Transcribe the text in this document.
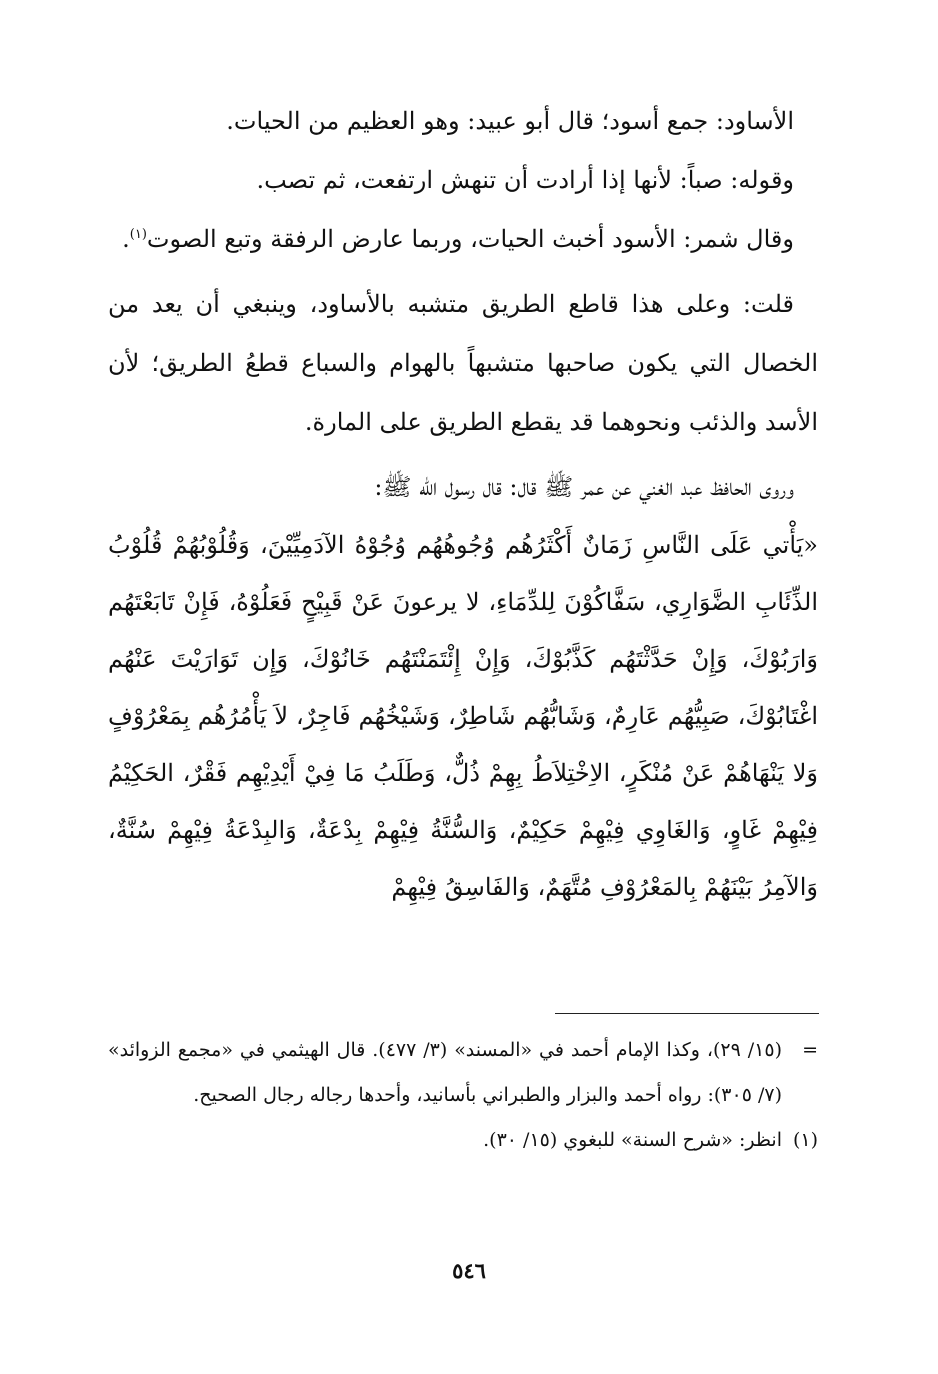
الأساود: جمع أسود؛ قال أبو عبيد: وهو العظيم من الحيات.

وقوله: صباً: لأنها إذا أرادت أن تنهش ارتفعت، ثم تصب.

وقال شمر: الأسود أخبث الحيات، وربما عارض الرفقة وتبع الصوت$^{(١)}$.

قلت: وعلى هذا قاطع الطريق متشبه بالأساود، وينبغي أن يعد من الخصال التي يكون صاحبها متشبهاً بالهوام والسباع قطعُ الطريق؛ لأن الأسد والذئب ونحوهما قد يقطع الطريق على المارة.

وروى الحافظ عبد الغني عن عمر ﷺ قال: قال رسول الله ﷺ:

«يَأْتي عَلَى النَّاسِ زَمَانٌ أَكْثَرُهُم وُجُوهُهُم وُجُوْهُ الآدَمِيِّيْنَ، وَقُلُوْبُهُمْ قُلُوْبُ الذِّئَابِ الضَّوَارِي، سَفَّاكُوْنَ لِلدِّمَاءِ، لا يرعونَ عَنْ قَبِيْحٍ فَعَلُوْهُ، فَإِنْ تَابَعْتَهُم وَارَبُوْكَ، وَإِنْ حَدَّثْتَهُم كَذَّبُوْكَ، وَإِنْ إِئْتَمَنْتَهُم خَانُوْكَ، وَإِن تَوَارَيْتَ عَنْهُم اغْتَابُوْكَ، صَبِيُّهُم عَارِمٌ، وَشَابُّهُم شَاطِرٌ، وَشَيْخُهُم فَاجِرٌ، لاَ يَأْمُرُهُم بِمَعْرُوْفٍ وَلا يَنْهَاهُمْ عَنْ مُنْكَرٍ، الاِخْتِلاَطُ بِهِمْ ذُلٌّ، وَطَلَبُ مَا فِيْ أَيْدِيْهِم فَقْرٌ، الحَكِيْمُ فِيْهِمْ غَاوٍ، وَالغَاوِي فِيْهِمْ حَكِيْمٌ، وَالسُّنَّةُ فِيْهِمْ بِدْعَةٌ، وَالبِدْعَةُ فِيْهِمْ سُنَّةٌ، وَالآمِرُ بَيْنَهُمْ بِالمَعْرُوْفِ مُتَّهَمٌ، وَالفَاسِقُ فِيْهِمْ

=
(١٥/ ٢٩)، وكذا الإمام أحمد في «المسند» (٣/ ٤٧٧). قال الهيثمي في «مجمع الزوائد» (٧/ ٣٠٥): رواه أحمد والبزار والطبراني بأسانيد، وأحدها رجاله رجال الصحيح.
(١)
انظر: «شرح السنة» للبغوي (١٥/ ٣٠).
٥٤٦
